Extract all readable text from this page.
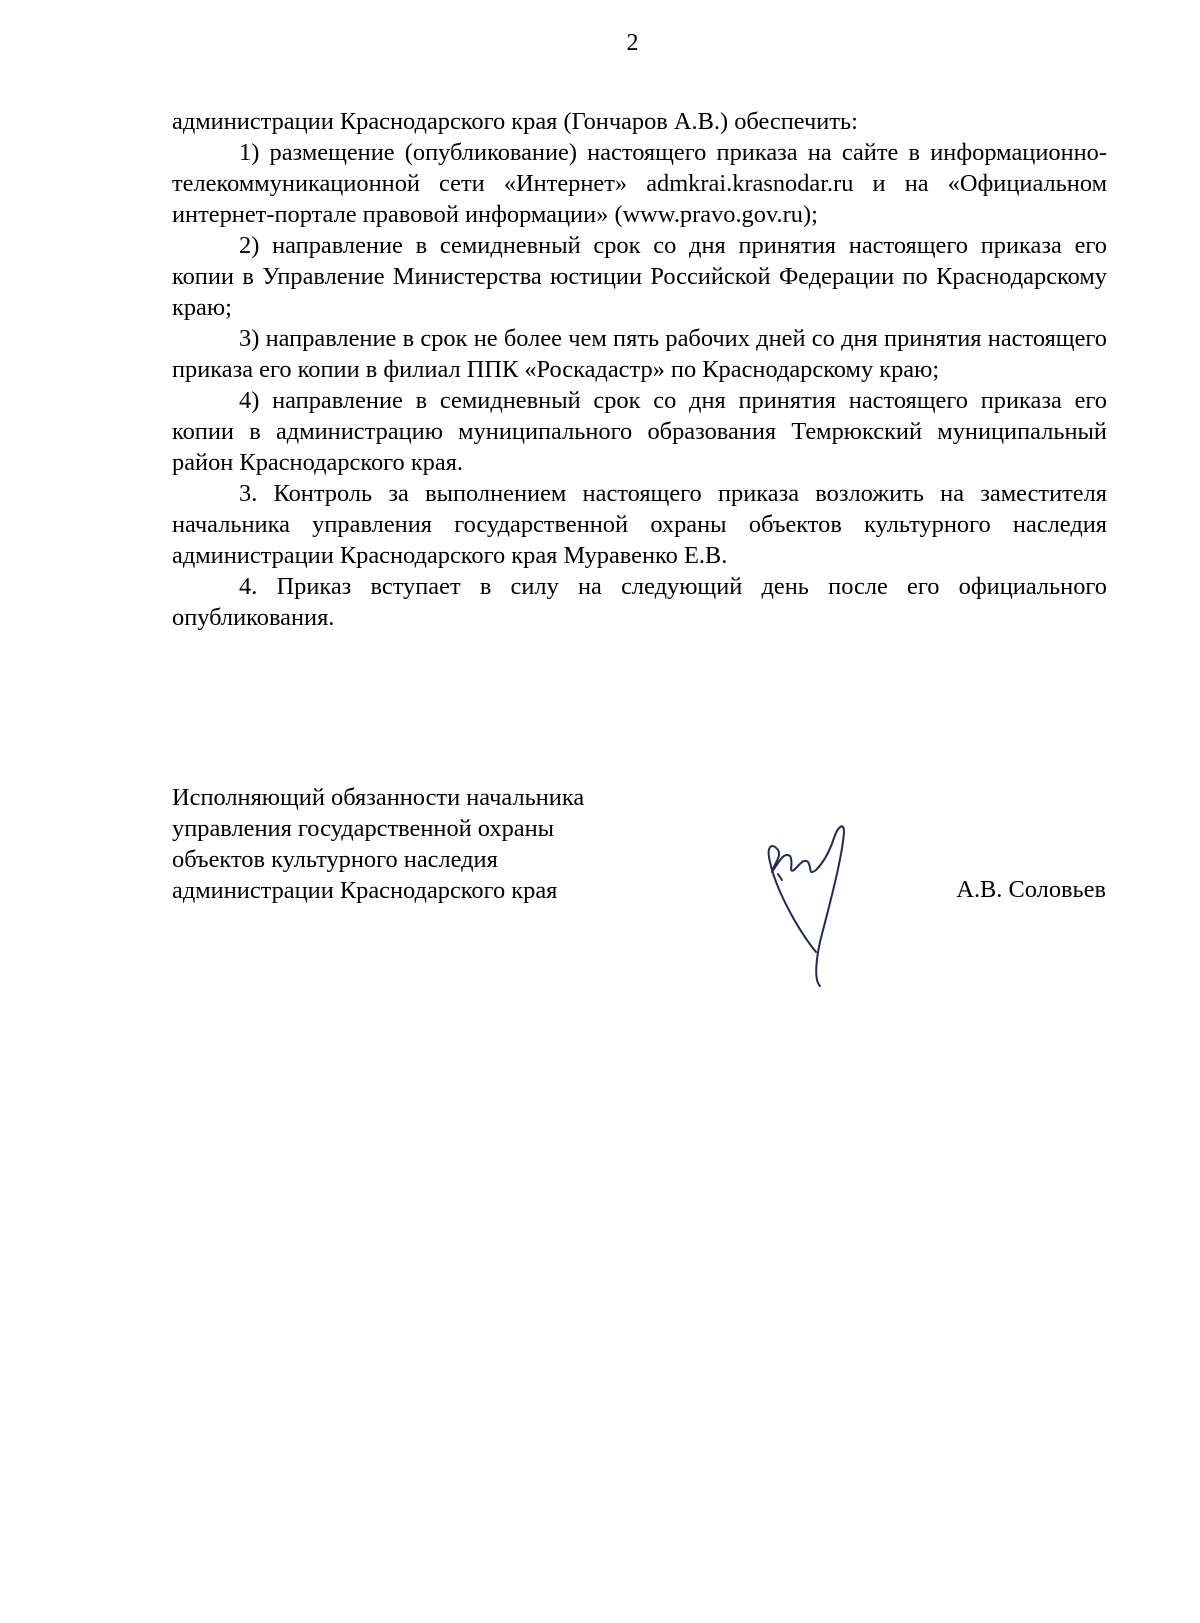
2

администрации Краснодарского края (Гончаров А.В.) обеспечить:

1) размещение (опубликование) настоящего приказа на сайте в информационно-телекоммуникационной сети «Интернет» admkrai.krasnodar.ru и на «Официальном интернет-портале правовой информации» (www.pravo.gov.ru);

2) направление в семидневный срок со дня принятия настоящего приказа его копии в Управление Министерства юстиции Российской Федерации по Краснодарскому краю;

3) направление в срок не более чем пять рабочих дней со дня принятия настоящего приказа его копии в филиал ППК «Роскадастр» по Краснодарскому краю;

4) направление в семидневный срок со дня принятия настоящего приказа его копии в администрацию муниципального образования Темрюкский муниципальный район Краснодарского края.

3. Контроль за выполнением настоящего приказа возложить на заместителя начальника управления государственной охраны объектов культурного наследия администрации Краснодарского края Муравенко Е.В.

4. Приказ вступает в силу на следующий день после его официального опубликования.

Исполняющий обязанности начальника
управления государственной охраны
объектов культурного наследия
администрации Краснодарского края	А.В. Соловьев
